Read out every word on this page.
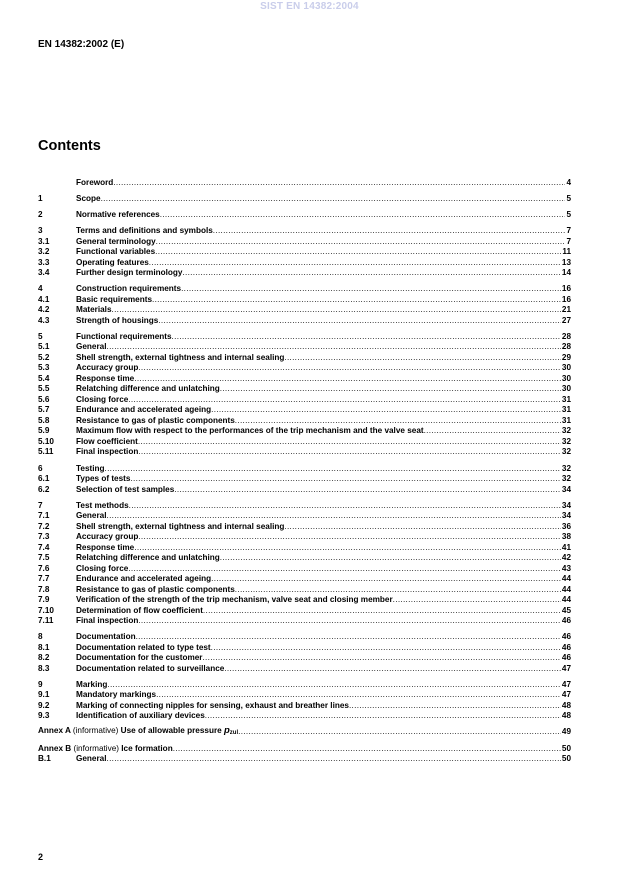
SIST EN 14382:2004
EN 14382:2002 (E)
Contents
Foreword .....	4
1	Scope .....	5
2	Normative references .....	5
3	Terms and definitions and symbols .....	7
3.1	General terminology .....	7
3.2	Functional variables .....	11
3.3	Operating features .....	13
3.4	Further design terminology .....	14
4	Construction requirements .....	16
4.1	Basic requirements .....	16
4.2	Materials .....	21
4.3	Strength of housings .....	27
5	Functional requirements .....	28
5.1	General .....	28
5.2	Shell strength, external tightness and internal sealing .....	29
5.3	Accuracy group .....	30
5.4	Response time .....	30
5.5	Relatching difference and unlatching .....	30
5.6	Closing force .....	31
5.7	Endurance and accelerated ageing .....	31
5.8	Resistance to gas of plastic components .....	31
5.9	Maximum flow with respect to the performances of the trip mechanism and the valve seat .....	32
5.10	Flow coefficient .....	32
5.11	Final inspection .....	32
6	Testing .....	32
6.1	Types of tests .....	32
6.2	Selection of test samples .....	34
7	Test methods .....	34
7.1	General .....	34
7.2	Shell strength, external tightness and internal sealing .....	36
7.3	Accuracy group .....	38
7.4	Response time .....	41
7.5	Relatching difference and unlatching .....	42
7.6	Closing force .....	43
7.7	Endurance and accelerated ageing .....	44
7.8	Resistance to gas of plastic components .....	44
7.9	Verification of the strength of the trip mechanism, valve seat and closing member .....	44
7.10	Determination of flow coefficient .....	45
7.11	Final inspection .....	46
8	Documentation .....	46
8.1	Documentation related to type test .....	46
8.2	Documentation for the customer .....	46
8.3	Documentation related to surveillance .....	47
9	Marking .....	47
9.1	Mandatory markings .....	47
9.2	Marking of connecting nipples for sensing, exhaust and breather lines .....	48
9.3	Identification of auxiliary devices .....	48
Annex A (informative) Use of allowable pressure pzul .....	49
Annex B (informative) Ice formation .....	50
B.1	General .....	50
2
